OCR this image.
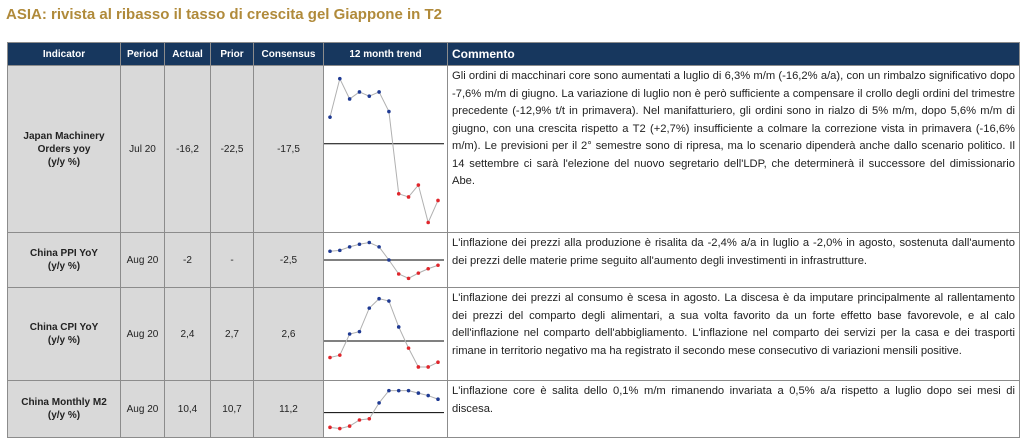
ASIA: rivista al ribasso il tasso di crescita gel Giappone in T2
Indicator	Period	Actual	Prior	Consensus	12 month trend	Commento

Japan Machinery Orders yoy
(y/y %)	Jul 20	-16,2	-22,5	-17,5		Gli ordini di macchinari core sono aumentati a luglio di 6,3% m/m (-16,2% a/a), con un rimbalzo significativo dopo -7,6% m/m di giugno. La variazione di luglio non è però sufficiente a compensare il crollo degli ordini del trimestre precedente (-12,9% t/t in primavera). Nel manifatturiero, gli ordini sono in rialzo di 5% m/m, dopo 5,6% m/m di giugno, con una crescita rispetto a T2 (+2,7%) insufficiente a colmare la correzione vista in primavera (-16,6% m/m). Le previsioni per il 2° semestre sono di ripresa, ma lo scenario dipenderà anche dallo scenario politico. Il 14 settembre ci sarà l'elezione del nuovo segretario dell'LDP, che determinerà il successore del dimissionario Abe.

China PPI YoY
(y/y %)	Aug 20	-2	-	-2,5		L'inflazione dei prezzi alla produzione è risalita da -2,4% a/a in luglio a -2,0% in agosto, sostenuta dall'aumento dei prezzi delle materie prime seguito all'aumento degli investimenti in infrastrutture.

China CPI YoY
(y/y %)	Aug 20	2,4	2,7	2,6		L'inflazione dei prezzi al consumo è scesa in agosto. La discesa è da imputare principalmente al rallentamento dei prezzi del comparto degli alimentari, a sua volta favorito da un forte effetto base favorevole, e al calo dell'inflazione nel comparto dell'abbigliamento. L'inflazione nel comparto dei servizi per la casa e dei trasporti rimane in territorio negativo ma ha registrato il secondo mese consecutivo di variazioni mensili positive.

China Monthly M2
(y/y %)	Aug 20	10,4	10,7	11,2		L'inflazione core è salita dello 0,1% m/m rimanendo invariata a 0,5% a/a rispetto a luglio dopo sei mesi di discesa.
